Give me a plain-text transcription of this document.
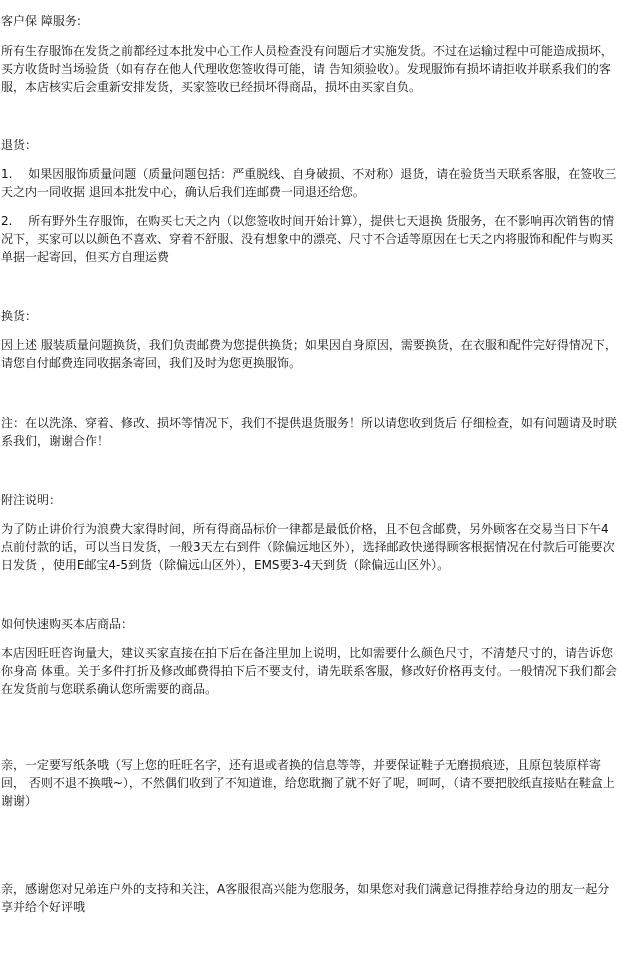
客户保 障服务:

所有生存服饰在发货之前都经过本批发中心工作人员检查没有问题后才实施发货。不过在运输过程中可能造成损坏，买方收货时当场验货（如有存在他人代理收您签收得可能，请 告知须验收）。发现服饰有损坏请拒收并联系我们的客服，本店核实后会重新安排发货，买家签收已经损坏得商品，损坏由买家自负。

退货：

1.　 如果因服饰质量问题（质量问题包括：严重脱线、自身破损、不对称）退货，请在验货当天联系客服，在签收三天之内一同收据 退回本批发中心，确认后我们连邮费一同退还给您。

2.　 所有野外生存服饰，在购买七天之内（以您签收时间开始计算），提供七天退换 货服务，在不影响再次销售的情况下，买家可以以颜色不喜欢、穿着不舒服、没有想象中的漂亮、尺寸不合适等原因在七天之内将服饰和配件与购买单据一起寄回，但买方自理运费

换货：

因上述 服装质量问题换货，我们负责邮费为您提供换货；如果因自身原因，需要换货，在衣服和配件完好得情况下，请您自付邮费连同收据条寄回，我们及时为您更换服饰。

注：在以洗涤、穿着、修改、损坏等情况下，我们不提供退货服务！所以请您收到货后 仔细检查，如有问题请及时联系我们，谢谢合作！

附注说明：

为了防止讲价行为浪费大家得时间，所有得商品标价一律都是最低价格，且不包含邮费，另外顾客在交易当日下午4点前付款的话，可以当日发货，一般3天左右到件（除偏远地区外），选择邮政快递得顾客根据情况在付款后可能要次日发货 ，使用E邮宝4-5到货（除偏远山区外），EMS要3-4天到货（除偏远山区外）。

如何快速购买本店商品：

本店因旺旺咨询量大，建议买家直接在拍下后在备注里加上说明，比如需要什么颜色尺寸，不清楚尺寸的，请告诉您你身高 体重。关于多件打折及修改邮费得拍下后不要支付，请先联系客服，修改好价格再支付。一般情况下我们都会在发货前与您联系确认您所需要的商品。

亲，一定要写纸条哦（写上您的旺旺名字，还有退或者换的信息等等，并要保证鞋子无磨损痕迹，且原包装原样寄回， 否则不退不换哦~），不然偶们收到了不知道谁，给您耽搁了就不好了呢，呵呵，（请不要把胶纸直接贴在鞋盒上 谢谢）

亲，感谢您对兄弟连户外的支持和关注，A客服很高兴能为您服务，如果您对我们满意记得推荐给身边的朋友一起分享并给个好评哦
